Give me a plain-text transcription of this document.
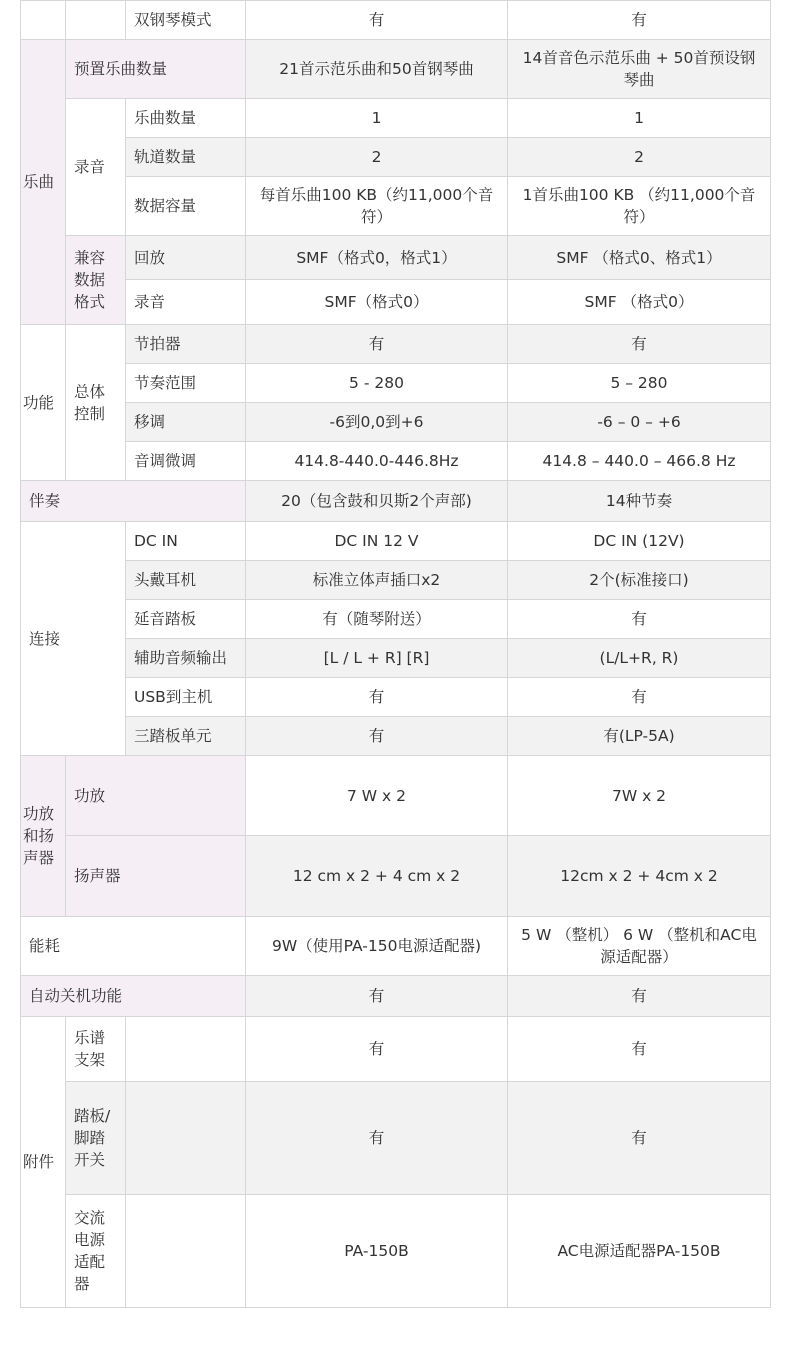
		双钢琴模式	有	有
乐曲	预置乐曲数量		21首示范乐曲和50首钢琴曲	14首音色示范乐曲 + 50首预设钢琴曲
	录音	乐曲数量	1	1
		轨道数量	2	2
		数据容量	每首乐曲100 KB（约11,000个音符）	1首乐曲100 KB （约11,000个音符）
	兼容数据格式	回放	SMF（格式0，格式1）	SMF （格式0、格式1）
		录音	SMF（格式0）	SMF （格式0）
功能	总体控制	节拍器	有	有
		节奏范围	5 - 280	5 – 280
		移调	-6到0,0到+6	-6 – 0 – +6
		音调微调	414.8-440.0-446.8Hz	414.8 – 440.0 – 466.8 Hz
伴奏			20（包含鼓和贝斯2个声部)	14种节奏
连接		DC IN	DC IN 12 V	DC IN (12V)
		头戴耳机	标准立体声插口x2	2个(标准接口)
		延音踏板	有（随琴附送）	有
		辅助音频输出	[L / L + R] [R]	(L/L+R, R)
		USB到主机	有	有
		三踏板单元	有	有(LP-5A)
功放和扬声器	功放		7 W x 2	7W x 2
	扬声器		12 cm x 2 + 4 cm x 2	12cm x 2 + 4cm x 2
能耗			9W（使用PA-150电源适配器)	5 W （整机） 6 W （整机和AC电源适配器）
自动关机功能			有	有
附件	乐谱支架		有	有
	踏板/脚踏开关		有	有
	交流电源适配器		PA-150B	AC电源适配器PA-150B
